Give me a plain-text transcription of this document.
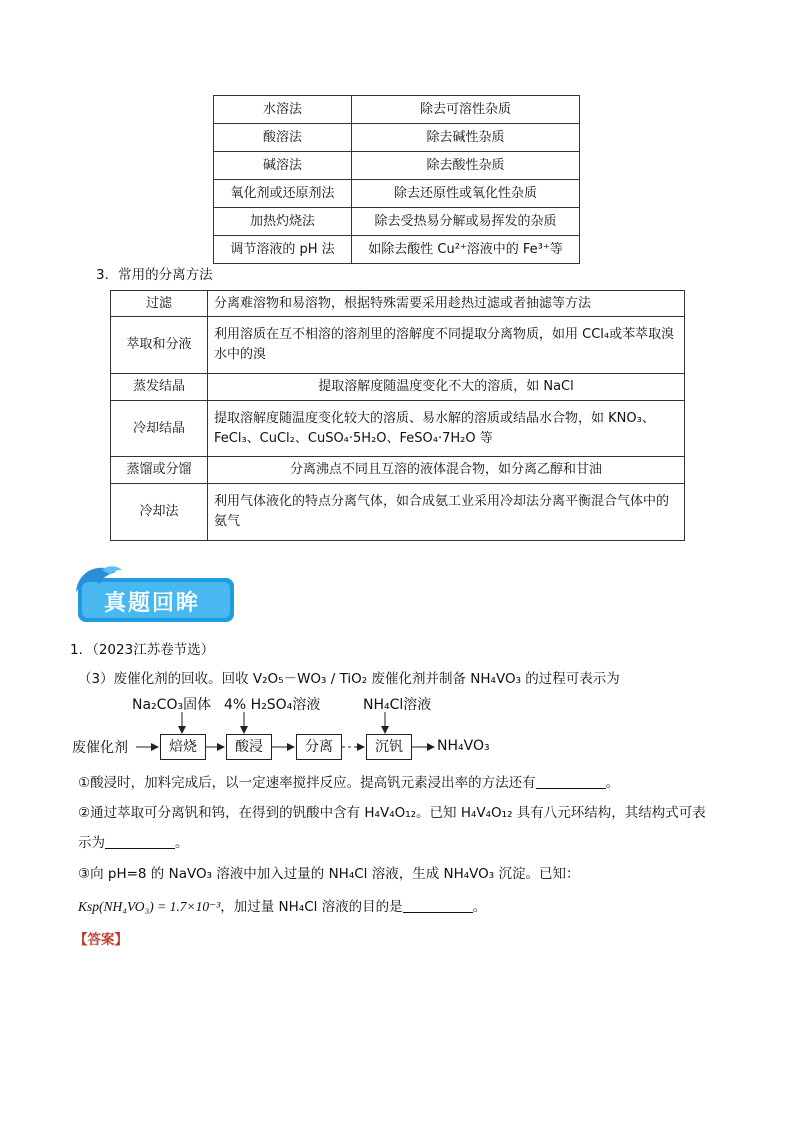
水溶法	除去可溶性杂质
酸溶法	除去碱性杂质
碱溶法	除去酸性杂质
氧化剂或还原剂法	除去还原性或氧化性杂质
加热灼烧法	除去受热易分解或易挥发的杂质
调节溶液的 pH 法	如除去酸性 Cu²⁺溶液中的 Fe³⁺等
3．常用的分离方法
过滤	分离难溶物和易溶物，根据特殊需要采用趁热过滤或者抽滤等方法
萃取和分液	利用溶质在互不相溶的溶剂里的溶解度不同提取分离物质，如用 CCl₄或苯萃取溴水中的溴
蒸发结晶	提取溶解度随温度变化不大的溶质，如 NaCl
冷却结晶	提取溶解度随温度变化较大的溶质、易水解的溶质或结晶水合物，如 KNO₃、FeCl₃、CuCl₂、CuSO₄·5H₂O、FeSO₄·7H₂O 等
蒸馏或分馏	分离沸点不同且互溶的液体混合物，如分离乙醇和甘油
冷却法	利用气体液化的特点分离气体，如合成氨工业采用冷却法分离平衡混合气体中的氨气
真题回眸
1．（2023江苏卷节选）
（3）废催化剂的回收。回收 V₂O₅－WO₃ / TiO₂ 废催化剂并制备 NH₄VO₃ 的过程可表示为
Na₂CO₃固体 4% H₂SO₄溶液	NH₄Cl溶液
废催化剂	焙烧	酸浸	分离	沉钒	NH₄VO₃
①酸浸时，加料完成后，以一定速率搅拌反应。提高钒元素浸出率的方法还有	。
②通过萃取可分离钒和钨，在得到的钒酸中含有 H₄V₄O₁₂。已知 H₄V₄O₁₂ 具有八元环结构，其结构式可表
示为	。
③向 pH=8 的 NaVO₃ 溶液中加入过量的 NH₄Cl 溶液，生成 NH₄VO₃ 沉淀。已知：
Ksp(NH₄VO₃) = 1.7×10⁻³，加过量 NH₄Cl 溶液的目的是	。
【答案】
